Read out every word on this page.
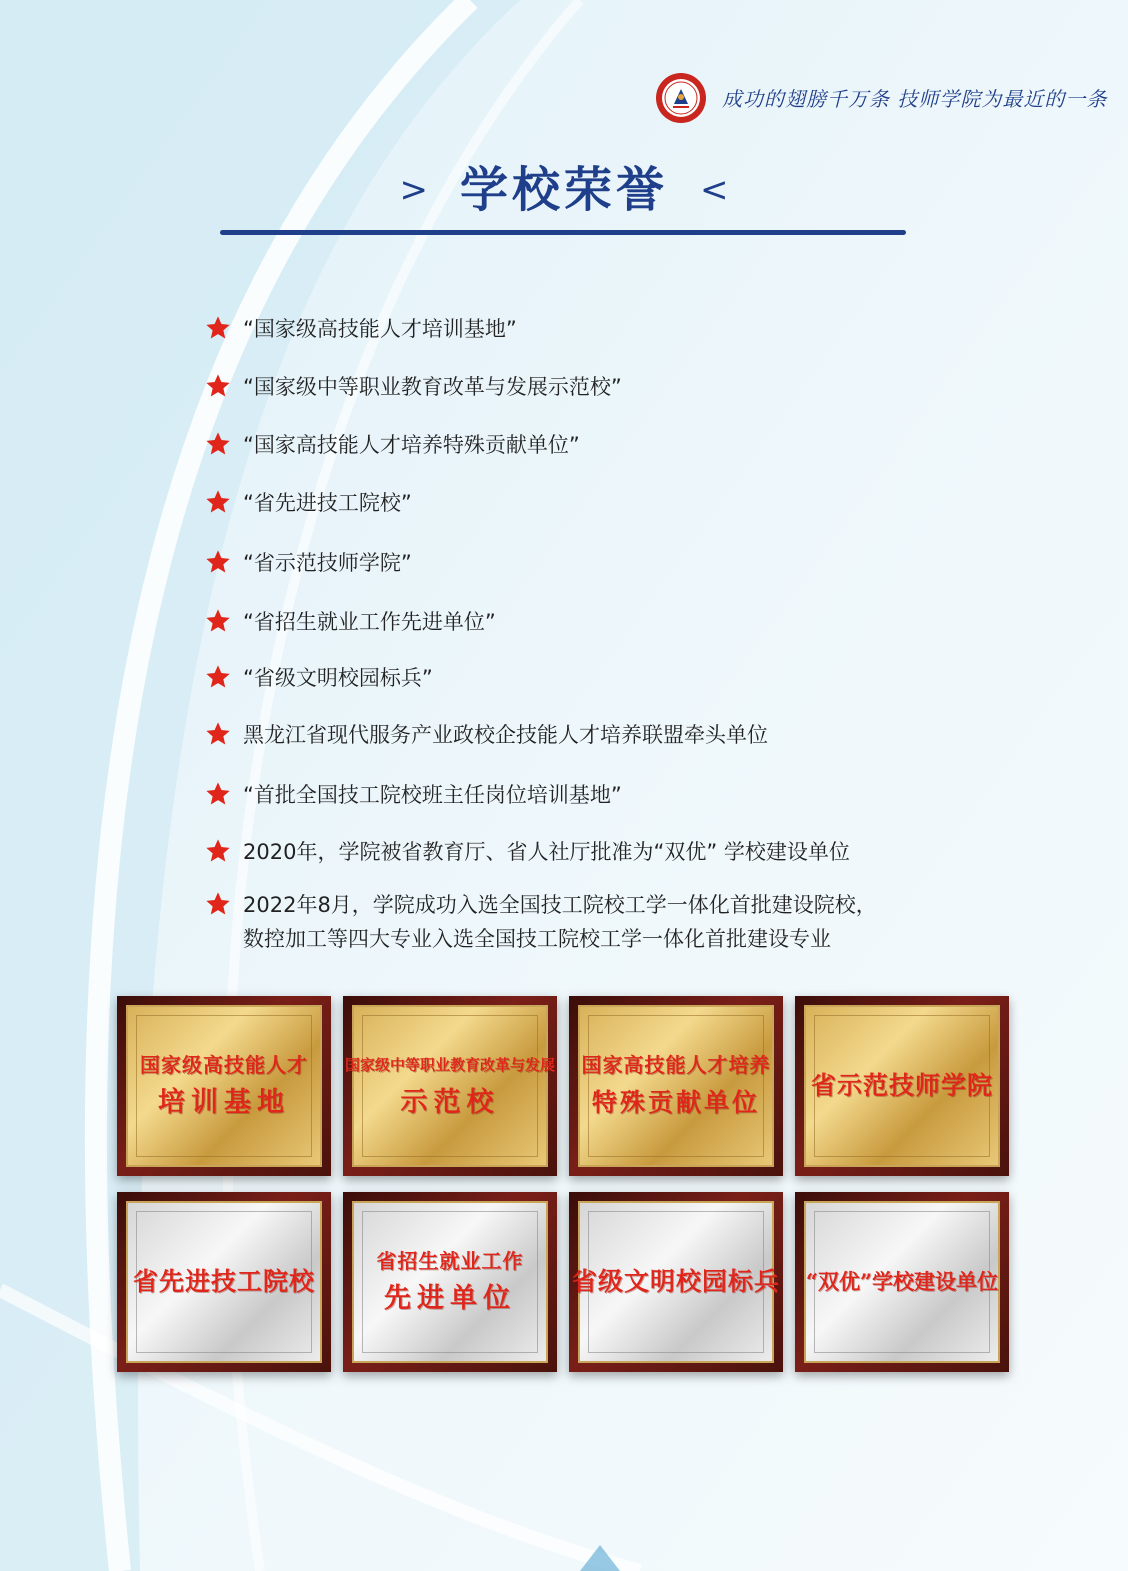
成功的翅膀千万条 技师学院为最近的一条
> 学校荣誉 <
“国家级高技能人才培训基地”
“国家级中等职业教育改革与发展示范校”
“国家高技能人才培养特殊贡献单位”
“省先进技工院校”
“省示范技师学院”
“省招生就业工作先进单位”
“省级文明校园标兵”
黑龙江省现代服务产业政校企技能人才培养联盟牵头单位
“首批全国技工院校班主任岗位培训基地”
2020年，学院被省教育厅、省人社厅批准为“双优” 学校建设单位
2022年8月，学院成功入选全国技工院校工学一体化首批建设院校，
数控加工等四大专业入选全国技工院校工学一体化首批建设专业
国家级高技能人才
培训基地
国家级中等职业教育改革与发展
示范校
国家高技能人才培养
特殊贡献单位
省示范技师学院
省先进技工院校
省招生就业工作
先进单位
省级文明校园标兵 “双优”学校建设单位
